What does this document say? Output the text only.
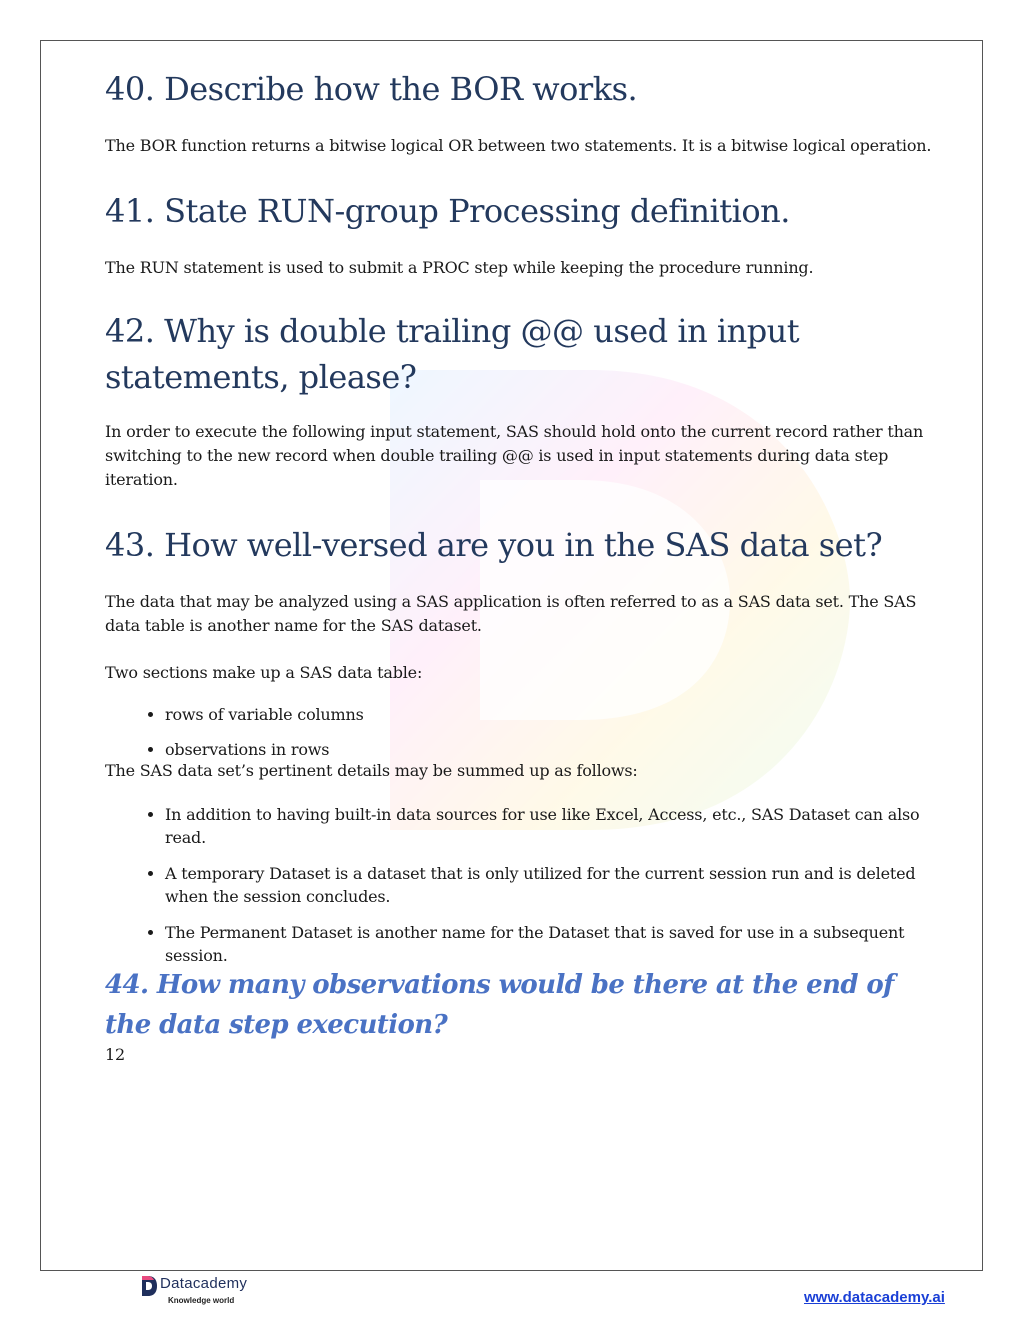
40. Describe how the BOR works.

The BOR function returns a bitwise logical OR between two statements. It is a bitwise logical operation.

41. State RUN-group Processing definition.

The RUN statement is used to submit a PROC step while keeping the procedure running.

42. Why is double trailing @@ used in input statements, please?

In order to execute the following input statement, SAS should hold onto the current record rather than switching to the new record when double trailing @@ is used in input statements during data step iteration.

43. How well-versed are you in the SAS data set?

The data that may be analyzed using a SAS application is often referred to as a SAS data set. The SAS data table is another name for the SAS dataset.

Two sections make up a SAS data table:

• rows of variable columns
• observations in rows

The SAS data set’s pertinent details may be summed up as follows:

• In addition to having built-in data sources for use like Excel, Access, etc., SAS Dataset can also read.
• A temporary Dataset is a dataset that is only utilized for the current session run and is deleted when the session concludes.
• The Permanent Dataset is another name for the Dataset that is saved for use in a subsequent session.
44. How many observations would be there at the end of the data step execution?

12

Datacademy
Knowledge world	www.datacademy.ai
